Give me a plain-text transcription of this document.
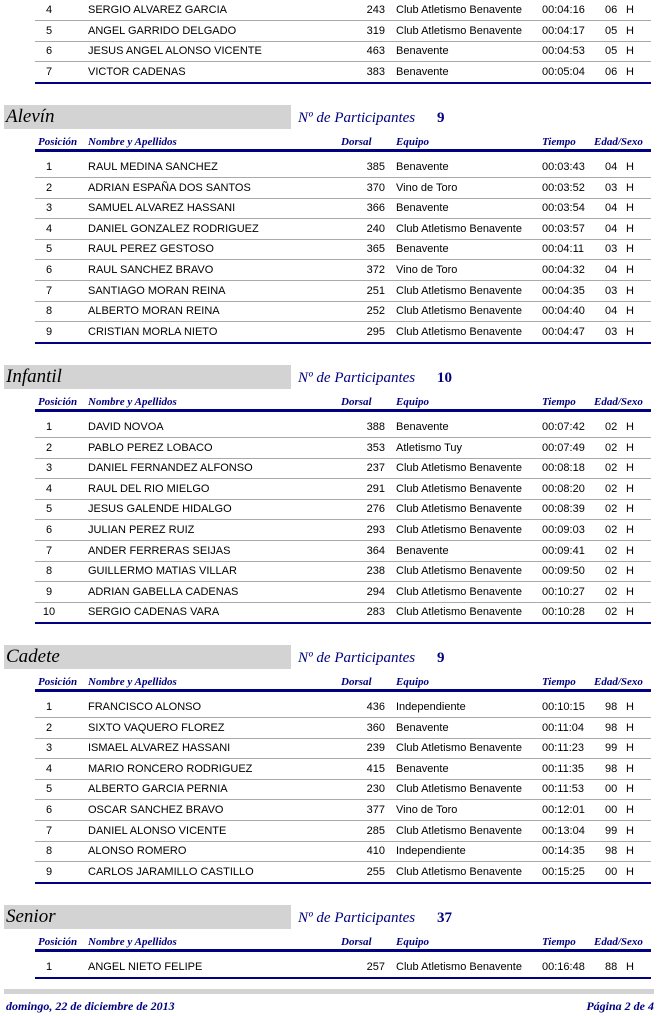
4	SERGIO ALVAREZ GARCIA	243 Club Atletismo Benavente 00:04:16 06 H
5	ANGEL GARRIDO DELGADO	319 Club Atletismo Benavente 00:04:17 05 H
6	JESUS ANGEL ALONSO VICENTE	463 Benavente	00:04:53 05 H
7	VICTOR CADENAS	383 Benavente	00:05:04 06 H
Alevín	Nº de Participantes 9
Posición Nombre y Apellidos	Dorsal Equipo	Tiempo Edad/Sexo
1	RAUL MEDINA SANCHEZ	385 Benavente	00:03:43 04 H
2	ADRIAN ESPAÑA DOS SANTOS	370 Vino de Toro	00:03:52 03 H
3	SAMUEL ALVAREZ HASSANI	366 Benavente	00:03:54 04 H
4	DANIEL GONZALEZ RODRIGUEZ	240 Club Atletismo Benavente 00:03:57 04 H
5	RAUL PEREZ GESTOSO	365 Benavente	00:04:11 03 H
6	RAUL SANCHEZ BRAVO	372 Vino de Toro	00:04:32 04 H
7	SANTIAGO MORAN REINA	251 Club Atletismo Benavente 00:04:35 03 H
8	ALBERTO MORAN REINA	252 Club Atletismo Benavente 00:04:40 04 H
9	CRISTIAN MORLA NIETO	295 Club Atletismo Benavente 00:04:47 03 H
Infantil	Nº de Participantes 10
Posición Nombre y Apellidos	Dorsal Equipo	Tiempo Edad/Sexo
1	DAVID NOVOA	388 Benavente	00:07:42 02 H
2	PABLO PEREZ LOBACO	353 Atletismo Tuy	00:07:49 02 H
3	DANIEL FERNANDEZ ALFONSO	237 Club Atletismo Benavente 00:08:18 02 H
4	RAUL DEL RIO MIELGO	291 Club Atletismo Benavente 00:08:20 02 H
5	JESUS GALENDE HIDALGO	276 Club Atletismo Benavente 00:08:39 02 H
6	JULIAN PEREZ RUIZ	293 Club Atletismo Benavente 00:09:03 02 H
7	ANDER FERRERAS SEIJAS	364 Benavente	00:09:41 02 H
8	GUILLERMO MATIAS VILLAR	238 Club Atletismo Benavente 00:09:50 02 H
9	ADRIAN GABELLA CADENAS	294 Club Atletismo Benavente 00:10:27 02 H
10	SERGIO CADENAS VARA	283 Club Atletismo Benavente 00:10:28 02 H
Cadete	Nº de Participantes 9
Posición Nombre y Apellidos	Dorsal Equipo	Tiempo Edad/Sexo
1	FRANCISCO ALONSO	436 Independiente	00:10:15 98 H
2	SIXTO VAQUERO FLOREZ	360 Benavente	00:11:04 98 H
3	ISMAEL ALVAREZ HASSANI	239 Club Atletismo Benavente 00:11:23 99 H
4	MARIO RONCERO RODRIGUEZ	415 Benavente	00:11:35 98 H
5	ALBERTO GARCIA PERNIA	230 Club Atletismo Benavente 00:11:53 00 H
6	OSCAR SANCHEZ BRAVO	377 Vino de Toro	00:12:01 00 H
7	DANIEL ALONSO VICENTE	285 Club Atletismo Benavente 00:13:04 99 H
8	ALONSO ROMERO	410 Independiente	00:14:35 98 H
9	CARLOS JARAMILLO CASTILLO	255 Club Atletismo Benavente 00:15:25 00 H
Senior	Nº de Participantes 37
Posición Nombre y Apellidos	Dorsal Equipo	Tiempo Edad/Sexo
1	ANGEL NIETO FELIPE	257 Club Atletismo Benavente 00:16:48 88 H
domingo, 22 de diciembre de 2013	Página 2 de 4
